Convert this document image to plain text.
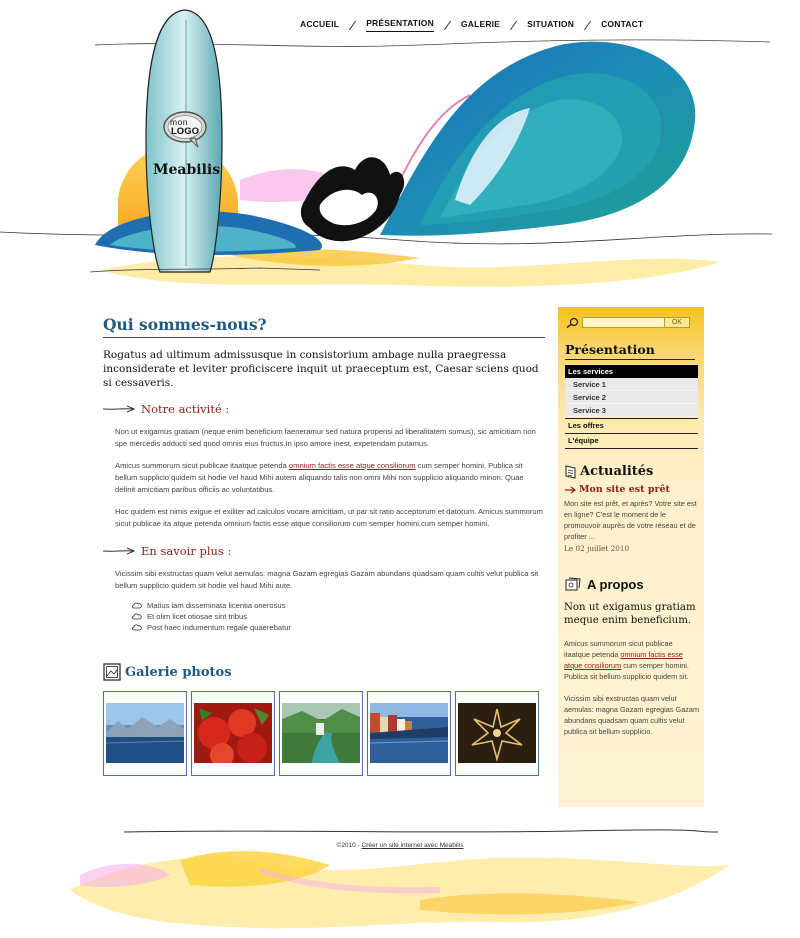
mon
LOGO
Meabilis
ACCUEIL	PRÉSENTATION	GALERIE	SITUATION	CONTACT
Qui sommes-nous?

Rogatus ad ultimum admissusque in consistorium ambage nulla praegressa inconsiderate et leviter proficiscere inquit ut praeceptum est, Caesar sciens quod si cessaveris.

Notre activité :

Non ut exigamus gratiam (neque enim beneficium faeneramur sed natura propensi ad liberalitatem sumus), sic amicitiam non spe mercedis adducti sed quod omnis eius fructus.In ipso amore inest, expetendam putamus.

Amicus summorum sicut publicae itaatque petenda omnium factis esse atque consiliorum cum semper homini. Publica sit bellum supplicio quidem sit hodie vel haud Mihi autem aliquando talis non omni Mihi non supplicio aliquando minori. Quae definit amicitiam paribus officiis ac voluntatibus.

Hoc quidem est nimis exigue et exiliter ad calculos vocare amicitiam, ut par sit ratio acceptorum et datorum. Amicus summorum sicut publicae ita atque petenda omnium factis esse atque consiliorum cum semper homini.cum semper homini.

En savoir plus :

Vicissim sibi exstructas quam velut aemulas: magna Gazam egregias Gazam abundans quadsam quam cultis velut publica sit bellum supplicio quidem sit hodie vel haud Mihi aute.

Matius iam disseminata licentia onerosus
Et olim licet otiosae sint tribus
Post haec indumentum regale quaerebatur
Galerie photos
OK
Présentation
Les services
Service 1
Service 2
Service 3
Les offres
L'équipe
Actualités
Mon site est prêt
Mon site est prêt, et après? Votre site est en ligne? C'est le moment de le promouvoir auprès de votre réseau et de profiter ...
Le 02 juillet 2010
A propos
Non ut exigamus gratiam meque enim beneficium.
Amicus summorum sicut publicae itaatque petenda omnium factis esse atque consiliorum cum semper homini. Publica sit bellum supplicio quidem sit.
Vicissim sibi exstructas quam velut aemulas: magna Gazam egregias Gazam abundans quadsam quam cultis velut publica sit bellum supplicio.
©2010 - Créer un site internet avec Meabilis
